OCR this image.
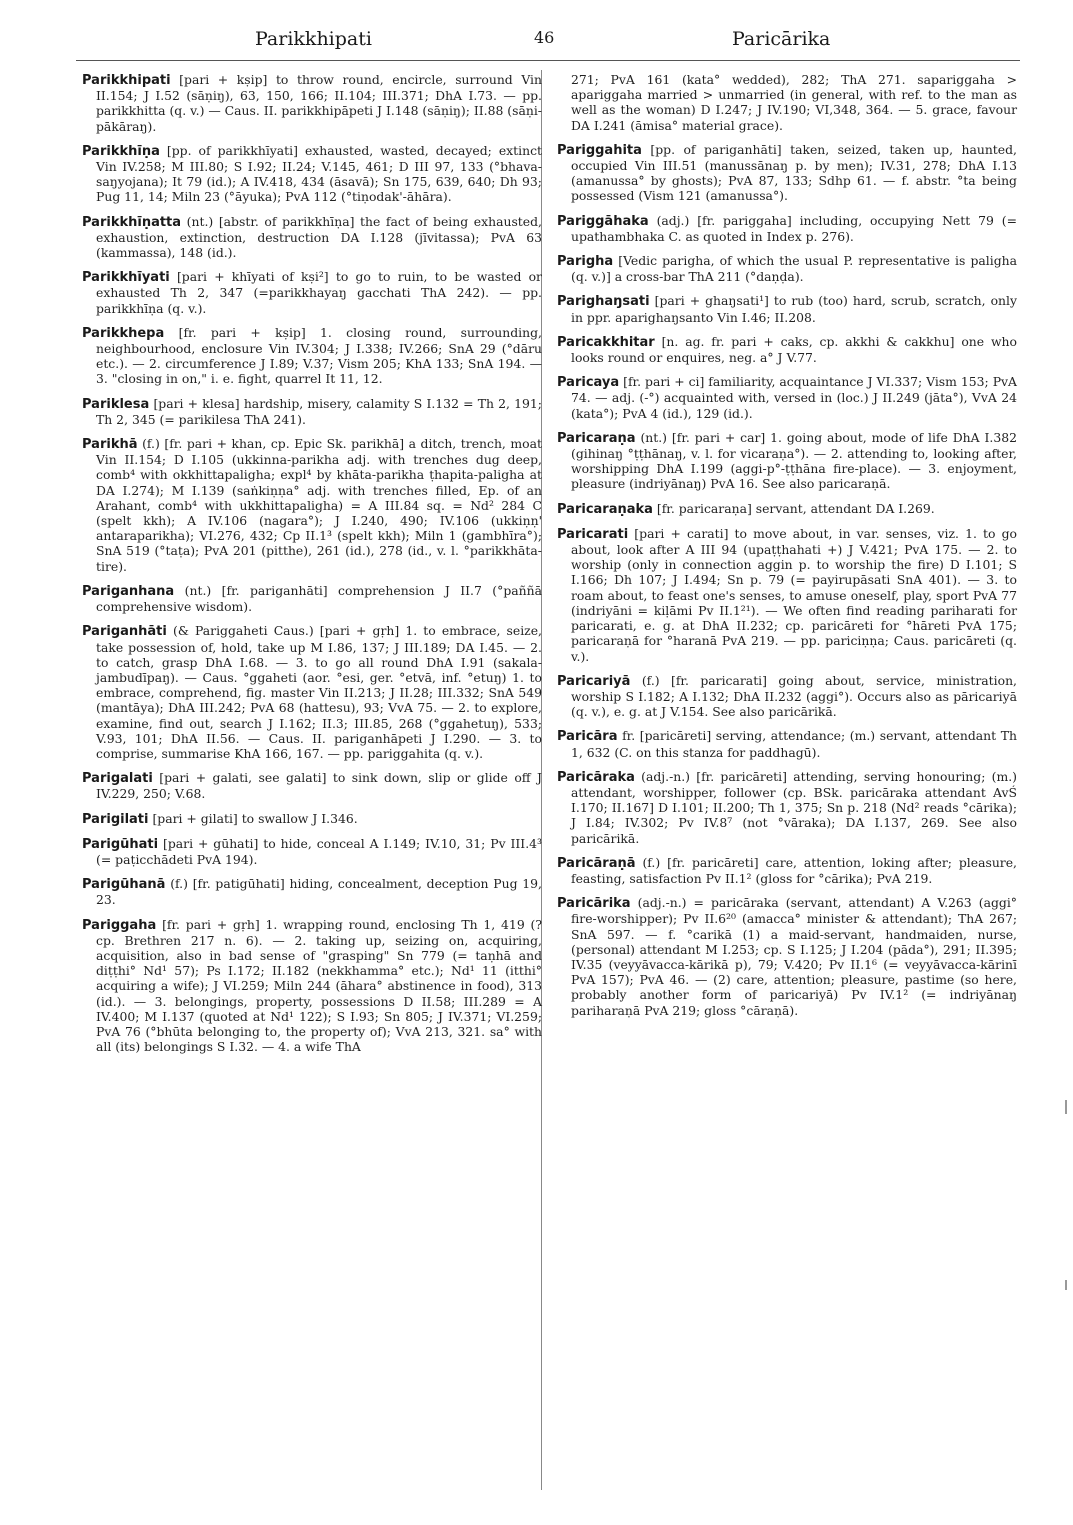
Parikkhipati	46	Paricārika

Parikkhipati [pari + kṣip] to throw round, encircle, surround Vin II.154; J I.52 (sāṇiŋ), 63, 150, 166; II.104; III.371; DhA I.73. — pp. parikkhitta (q. v.) — Caus. II. parikkhipāpeti J I.148 (sāṇiŋ); II.88 (sāṇi-pākāraŋ).

Parikkhīṇa [pp. of parikkhīyati] exhausted, wasted, decayed; extinct Vin IV.258; M III.80; S I.92; II.24; V.145, 461; D III 97, 133 (°bhava-saŋyojana); It 79 (id.); A IV.418, 434 (āsavā); Sn 175, 639, 640; Dh 93; Pug 11, 14; Miln 23 (°āyuka); PvA 112 (°tiṇodak'-āhāra).

Parikkhīṇatta (nt.) [abstr. of parikkhīṇa] the fact of being exhausted, exhaustion, extinction, destruction DA I.128 (jīvitassa); PvA 63 (kammassa), 148 (id.).

Parikkhīyati [pari + khīyati of kṣi²] to go to ruin, to be wasted or exhausted Th 2, 347 (=parikkhayaŋ gacchati ThA 242). — pp. parikkhīṇa (q. v.).

Parikkhepa [fr. pari + kṣip] 1. closing round, surrounding, neighbourhood, enclosure Vin IV.304; J I.338; IV.266; SnA 29 (°dāru etc.). — 2. circumference J I.89; V.37; Vism 205; KhA 133; SnA 194. — 3. "closing in on," i. e. fight, quarrel It 11, 12.

Pariklesa [pari + klesa] hardship, misery, calamity S I.132 = Th 2, 191; Th 2, 345 (= parikilesa ThA 241).

Parikhā (f.) [fr. pari + khan, cp. Epic Sk. parikhā] a ditch, trench, moat Vin II.154; D I.105 (ukkinna-parikha adj. with trenches dug deep, comb⁴ with okkhittapaligha; expl⁴ by khāta-parikha ṭhapita-paligha at DA I.274); M I.139 (saṅkiṇṇa° adj. with trenches filled, Ep. of an Arahant, comb⁴ with ukkhittapaligha) = A III.84 sq. = Nd² 284 C (spelt kkh); A IV.106 (nagara°); J I.240, 490; IV.106 (ukkiṇṇ' antaraparikha); VI.276, 432; Cp II.1³ (spelt kkh); Miln 1 (gambhīra°); SnA 519 (°taṭa); PvA 201 (pitthe), 261 (id.), 278 (id., v. l. °parikkhāta-tire).

Pariganhana (nt.) [fr. pariganhāti] comprehension J II.7 (°paññā comprehensive wisdom).

Pariganhāti (& Pariggaheti Caus.) [pari + gṛh] 1. to embrace, seize, take possession of, hold, take up M I.86, 137; J III.189; DA I.45. — 2. to catch, grasp DhA I.68. — 3. to go all round DhA I.91 (sakala-jambudīpaŋ). — Caus. °ggaheti (aor. °esi, ger. °etvā, inf. °etuŋ) 1. to embrace, comprehend, fig. master Vin II.213; J II.28; III.332; SnA 549 (mantāya); DhA III.242; PvA 68 (hattesu), 93; VvA 75. — 2. to explore, examine, find out, search J I.162; II.3; III.85, 268 (°ggahetuŋ), 533; V.93, 101; DhA II.56. — Caus. II. pariganhāpeti J I.290. — 3. to comprise, summarise KhA 166, 167. — pp. pariggahita (q. v.).

Parigalati [pari + galati, see galati] to sink down, slip or glide off J IV.229, 250; V.68.

Parigilati [pari + gilati] to swallow J I.346.

Parigūhati [pari + gūhati] to hide, conceal A I.149; IV.10, 31; Pv III.4³ (= paṭicchādeti PvA 194).

Parigūhanā (f.) [fr. patigūhati] hiding, concealment, deception Pug 19, 23.

Pariggaha [fr. pari + gṛh] 1. wrapping round, enclosing Th 1, 419 (? cp. Brethren 217 n. 6). — 2. taking up, seizing on, acquiring, acquisition, also in bad sense of "grasping" Sn 779 (= taṇhā and diṭṭhi° Nd¹ 57); Ps I.172; II.182 (nekkhamma° etc.); Nd¹ 11 (itthi° acquiring a wife); J VI.259; Miln 244 (āhara° abstinence in food), 313 (id.). — 3. belongings, property, possessions D II.58; III.289 = A IV.400; M I.137 (quoted at Nd¹ 122); S I.93; Sn 805; J IV.371; VI.259; PvA 76 (°bhūta belonging to, the property of); VvA 213, 321. sa° with all (its) belongings S I.32. — 4. a wife ThA

271; PvA 161 (kata° wedded), 282; ThA 271. sapariggaha > apariggaha married > unmarried (in general, with ref. to the man as well as the woman) D I.247; J IV.190; VI,348, 364. — 5. grace, favour DA I.241 (āmisa° material grace).

Pariggahita [pp. of pariganhāti] taken, seized, taken up, haunted, occupied Vin III.51 (manussānaŋ p. by men); IV.31, 278; DhA I.13 (amanussa° by ghosts); PvA 87, 133; Sdhp 61. — f. abstr. °ta being possessed (Vism 121 (amanussa°).

Pariggāhaka (adj.) [fr. pariggaha] including, occupying Nett 79 (= upathambhaka C. as quoted in Index p. 276).

Parigha [Vedic parigha, of which the usual P. representative is paligha (q. v.)] a cross-bar ThA 211 (°daṇḍa).

Parighaŋsati [pari + ghaŋsati¹] to rub (too) hard, scrub, scratch, only in ppr. aparighaŋsanto Vin I.46; II.208.

Paricakkhitar [n. ag. fr. pari + caks, cp. akkhi & cakkhu] one who looks round or enquires, neg. a° J V.77.

Paricaya [fr. pari + ci] familiarity, acquaintance J VI.337; Vism 153; PvA 74. — adj. (-°) acquainted with, versed in (loc.) J II.249 (jāta°), VvA 24 (kata°); PvA 4 (id.), 129 (id.).

Paricaraṇa (nt.) [fr. pari + car] 1. going about, mode of life DhA I.382 (gihinaŋ °ṭṭhānaŋ, v. l. for vicaraṇa°). — 2. attending to, looking after, worshipping DhA I.199 (aggi-p°-ṭṭhāna fire-place). — 3. enjoyment, pleasure (indriyānaŋ) PvA 16. See also paricaraṇā.

Paricaraṇaka [fr. paricaraṇa] servant, attendant DA I.269.

Paricarati [pari + carati] to move about, in var. senses, viz. 1. to go about, look after A III 94 (upaṭṭhahati +) J V.421; PvA 175. — 2. to worship (only in connection aggin p. to worship the fire) D I.101; S I.166; Dh 107; J I.494; Sn p. 79 (= payirupāsati SnA 401). — 3. to roam about, to feast one's senses, to amuse oneself, play, sport PvA 77 (indriyāni = kiḷāmi Pv II.1²¹). — We often find reading pariharati for paricarati, e. g. at DhA II.232; cp. paricāreti for °hāreti PvA 175; paricaraṇā for °haranā PvA 219. — pp. pariciṇṇa; Caus. paricāreti (q. v.).

Paricariyā (f.) [fr. paricarati] going about, service, ministration, worship S I.182; A I.132; DhA II.232 (aggi°). Occurs also as pāricariyā (q. v.), e. g. at J V.154. See also paricārikā.

Paricāra fr. [paricāreti] serving, attendance; (m.) servant, attendant Th 1, 632 (C. on this stanza for paddhagū).

Paricāraka (adj.-n.) [fr. paricāreti] attending, serving honouring; (m.) attendant, worshipper, follower (cp. BSk. paricāraka attendant AvŚ I.170; II.167] D I.101; II.200; Th 1, 375; Sn p. 218 (Nd² reads °cārika); J I.84; IV.302; Pv IV.8⁷ (not °vāraka); DA I.137, 269. See also paricārikā.

Paricāraṇā (f.) [fr. paricāreti] care, attention, loking after; pleasure, feasting, satisfaction Pv II.1² (gloss for °cārika); PvA 219.

Paricārika (adj.-n.) = paricāraka (servant, attendant) A V.263 (aggi° fire-worshipper); Pv II.6²⁰ (amacca° minister & attendant); ThA 267; SnA 597. — f. °carikā (1) a maid-servant, handmaiden, nurse, (personal) attendant M I.253; cp. S I.125; J I.204 (pāda°), 291; II.395; IV.35 (veyyāvacca-kārikā p), 79; V.420; Pv II.1⁶ (= veyyāvacca-kārinī PvA 157); PvA 46. — (2) care, attention; pleasure, pastime (so here, probably another form of paricariyā) Pv IV.1² (= indriyānaŋ pariharaṇā PvA 219; gloss °cāraṇā).
